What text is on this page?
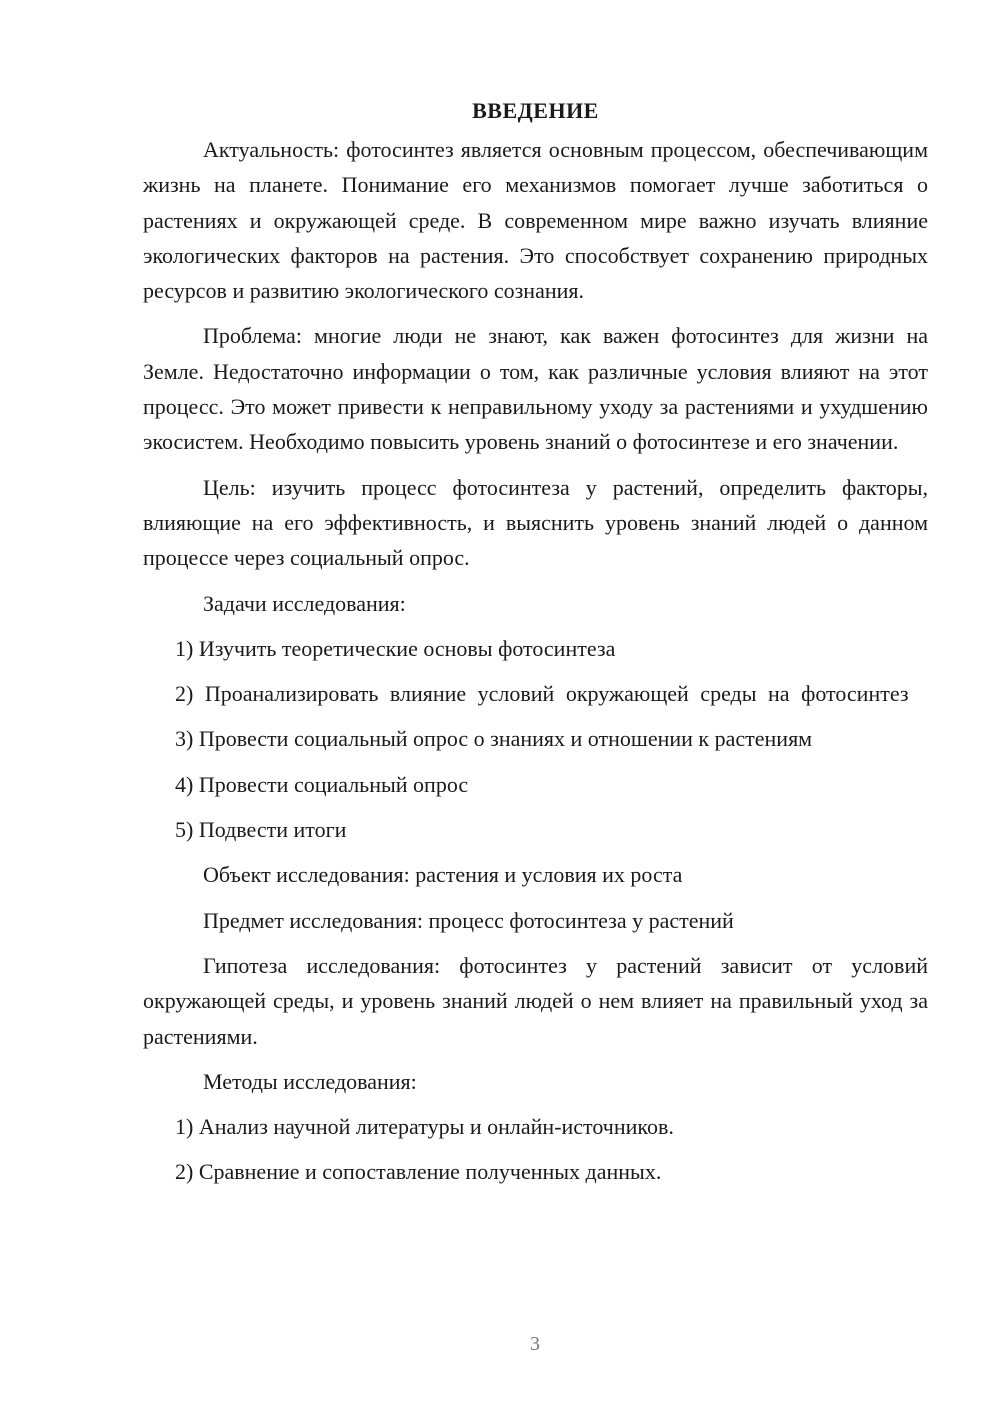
ВВЕДЕНИЕ

Актуальность: фотосинтез является основным процессом, обеспечивающим жизнь на планете. Понимание его механизмов помогает лучше заботиться о растениях и окружающей среде. В современном мире важно изучать влияние экологических факторов на растения. Это способствует сохранению природных ресурсов и развитию экологического сознания.

Проблема: многие люди не знают, как важен фотосинтез для жизни на Земле. Недостаточно информации о том, как различные условия влияют на этот процесс. Это может привести к неправильному уходу за растениями и ухудшению экосистем. Необходимо повысить уровень знаний о фотосинтезе и его значении.

Цель: изучить процесс фотосинтеза у растений, определить факторы, влияющие на его эффективность, и выяснить уровень знаний людей о данном процессе через социальный опрос.

Задачи исследования:

1) Изучить теоретические основы фотосинтеза

2) Проанализировать влияние условий окружающей среды на фотосинтез

3) Провести социальный опрос о знаниях и отношении к растениям

4) Провести социальный опрос

5) Подвести итоги

Объект исследования: растения и условия их роста

Предмет исследования: процесс фотосинтеза у растений

Гипотеза исследования: фотосинтез у растений зависит от условий окружающей среды, и уровень знаний людей о нем влияет на правильный уход за растениями.

Методы исследования:

1) Анализ научной литературы и онлайн-источников.

2) Сравнение и сопоставление полученных данных.

3
